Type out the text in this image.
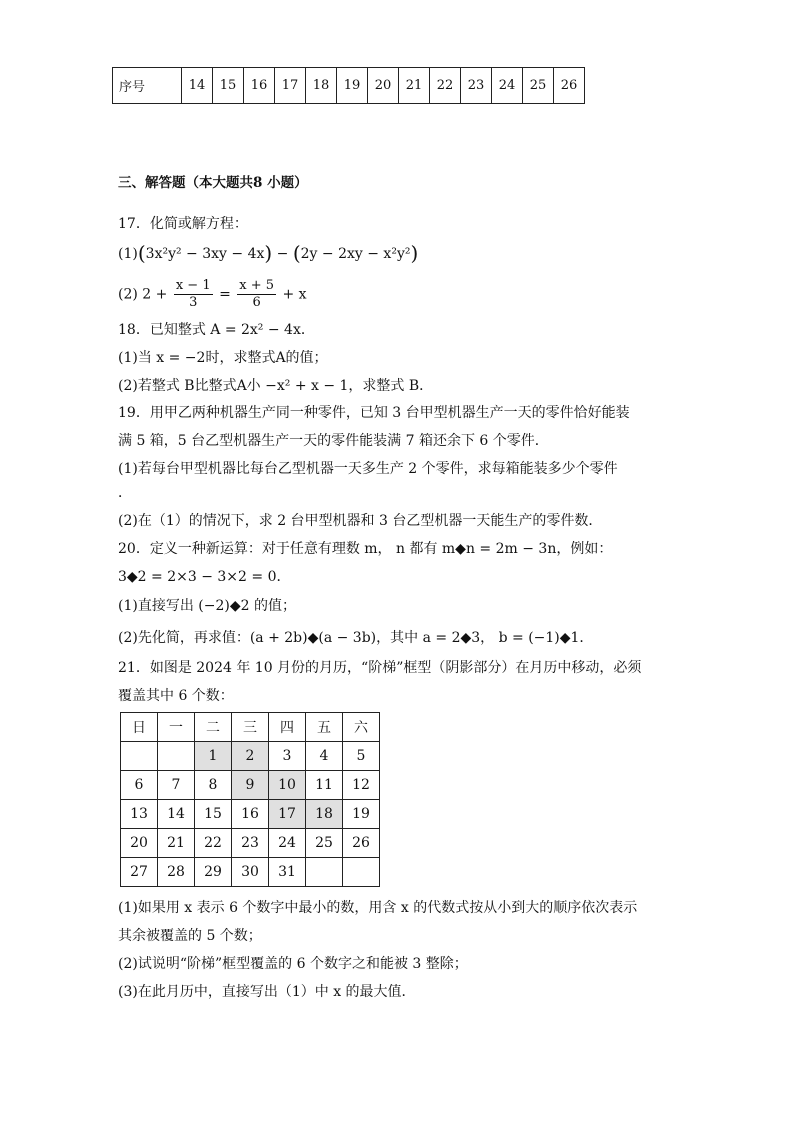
序号	14	15	16	17	18	19	20	21	22	23	24	25	26
三、解答题（本大题共8 小题）
17．化简或解方程：
(1)(3x²y² − 3xy − 4x) − (2y − 2xy − x²y²)
(2) $2 + \frac{x - 1}{3} = \frac{x + 5}{6} + x$
18．已知整式 A = 2x² − 4x．
(1)当 x = −2时，求整式A的值；
(2)若整式 B比整式A小 −x² + x − 1，求整式 B．
19．用甲乙两种机器生产同一种零件，已知 3 台甲型机器生产一天的零件恰好能装
满 5 箱，5 台乙型机器生产一天的零件能装满 7 箱还余下 6 个零件．
(1)若每台甲型机器比每台乙型机器一天多生产 2 个零件，求每箱能装多少个零件
．
(2)在（1）的情况下，求 2 台甲型机器和 3 台乙型机器一天能生产的零件数．
20．定义一种新运算：对于任意有理数 m， n 都有 m◆n = 2m − 3n，例如：
3◆2 = 2×3 − 3×2 = 0．
(1)直接写出 (−2)◆2 的值；
(2)先化简，再求值：(a + 2b)◆(a − 3b)，其中 a = 2◆3， b = (−1)◆1．
21．如图是 2024 年 10 月份的月历，“阶梯”框型（阴影部分）在月历中移动，必须
覆盖其中 6 个数：
日	一	二	三	四	五	六
		1	2	3	4	5
6	7	8	9	10	11	12
13	14	15	16	17	18	19
20	21	22	23	24	25	26
27	28	29	30	31		
(1)如果用 x 表示 6 个数字中最小的数，用含 x 的代数式按从小到大的顺序依次表示
其余被覆盖的 5 个数；
(2)试说明“阶梯”框型覆盖的 6 个数字之和能被 3 整除；
(3)在此月历中，直接写出（1）中 x 的最大值．
